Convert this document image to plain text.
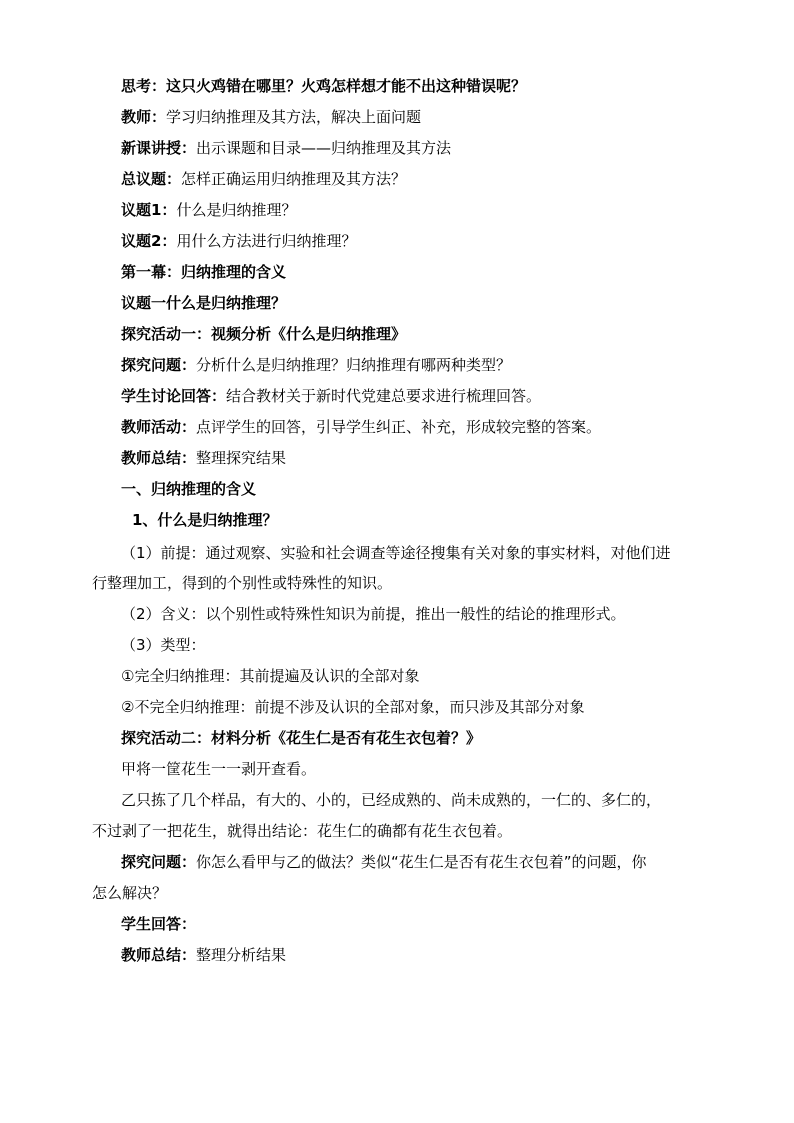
思考：这只火鸡错在哪里？火鸡怎样想才能不出这种错误呢？
教师：学习归纳推理及其方法，解决上面问题
新课讲授：出示课题和目录——归纳推理及其方法
总议题：怎样正确运用归纳推理及其方法？
议题1：什么是归纳推理？
议题2：用什么方法进行归纳推理？
第一幕：归纳推理的含义
议题一什么是归纳推理？
探究活动一：视频分析《什么是归纳推理》
探究问题：分析什么是归纳推理？归纳推理有哪两种类型？
学生讨论回答：结合教材关于新时代党建总要求进行梳理回答。
教师活动：点评学生的回答，引导学生纠正、补充，形成较完整的答案。
教师总结：整理探究结果
一、归纳推理的含义
1、什么是归纳推理？
（1）前提：通过观察、实验和社会调查等途径搜集有关对象的事实材料，对他们进
行整理加工，得到的个别性或特殊性的知识。
（2）含义：以个别性或特殊性知识为前提，推出一般性的结论的推理形式。
（3）类型：
①完全归纳推理：其前提遍及认识的全部对象
②不完全归纳推理：前提不涉及认识的全部对象，而只涉及其部分对象
探究活动二：材料分析《花生仁是否有花生衣包着？》
甲将一筐花生一一剥开查看。
乙只拣了几个样品，有大的、小的，已经成熟的、尚未成熟的，一仁的、多仁的，
不过剥了一把花生，就得出结论：花生仁的确都有花生衣包着。
探究问题：你怎么看甲与乙的做法？类似“花生仁是否有花生衣包着”的问题，你
怎么解决？
学生回答：
教师总结：整理分析结果
